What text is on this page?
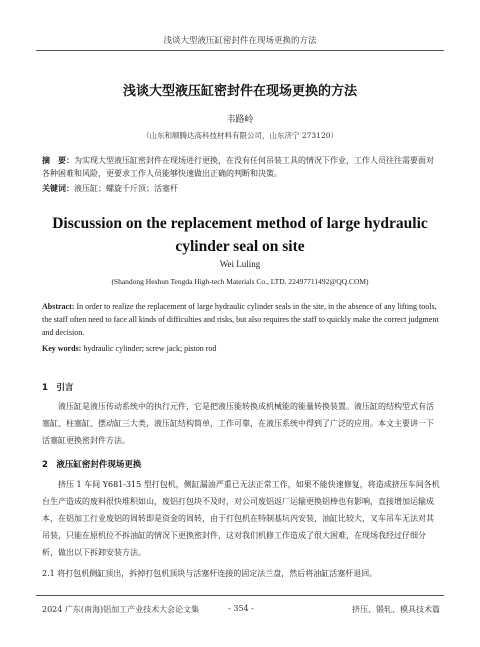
浅谈大型液压缸密封件在现场更换的方法
浅谈大型液压缸密封件在现场更换的方法
韦路岭
（山东和顺腾达高科技材料有限公司，山东济宁 273120）
摘　要：为实现大型液压缸密封件在现场进行更换，在没有任何吊装工具的情况下作业，工作人员往往需要面对各种困难和风险，更要求工作人员能够快速做出正确的判断和决策。
关键词：液压缸；螺旋千斤顶；活塞杆
Discussion on the replacement method of large hydraulic cylinder seal on site
Wei Luling
(Shandong Heshun Tengda High-tech Materials Co., LTD. 22497711492@QQ.COM)
Abstract: In order to realize the replacement of large hydraulic cylinder seals in the site, in the absence of any lifting tools, the staff often need to face all kinds of difficulties and risks, but also requires the staff to quickly make the correct judgment and decision.
Key words: hydraulic cylinder; screw jack; piston rod
1　引言
液压缸是液压传动系统中的执行元件，它是把液压能转换成机械能的能量转换装置。液压缸的结构型式有活塞缸、柱塞缸、摆动缸三大类，液压缸结构简单，工作可靠，在液压系统中得到了广泛的应用。本文主要讲一下活塞缸更换密封件方法。
2　液压缸密封件现场更换
挤压 1 车间 Y681-315 型打包机，侧缸漏油严重已无法正常工作，如果不能快速修复，将造成挤压车间各机台生产造成的废料很快堆积如山，废铝打包块不及时，对公司废铝返厂运输更换铝棒也有影响，直接增加运输成本，在铝加工行业废铝的周转即是资金的周转，由于打包机在特制基坑内安装，油缸比较大，叉车吊车无法对其吊装，只能在原机位不拆油缸的情况下更换密封件，这对我们机修工作造成了很大困难，在现场我经过仔细分析，做出以下拆卸安装方法。
2.1 将打包机侧缸顶出，拆掉打包机顶块与活塞杆连接的固定法兰盘，然后将油缸活塞杆退回。
2024 广东(南海)铝加工产业技术大会论文集	- 354 -	挤压、锻轧、模具技术篇
